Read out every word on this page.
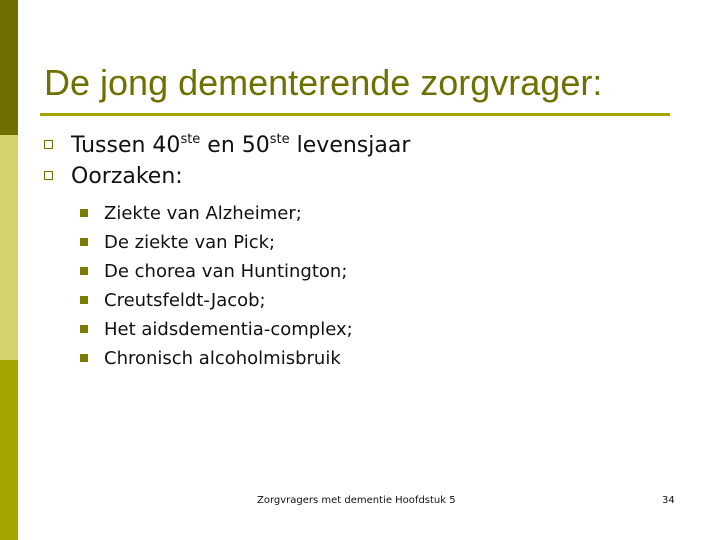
De jong dementerende zorgvrager:
Tussen 40ste en 50ste levensjaar
Oorzaken:
Ziekte van Alzheimer;
De ziekte van Pick;
De chorea van Huntington;
Creutsfeldt-Jacob;
Het aidsdementia-complex;
Chronisch alcoholmisbruik
Zorgvragers met dementie Hoofdstuk 5	34
